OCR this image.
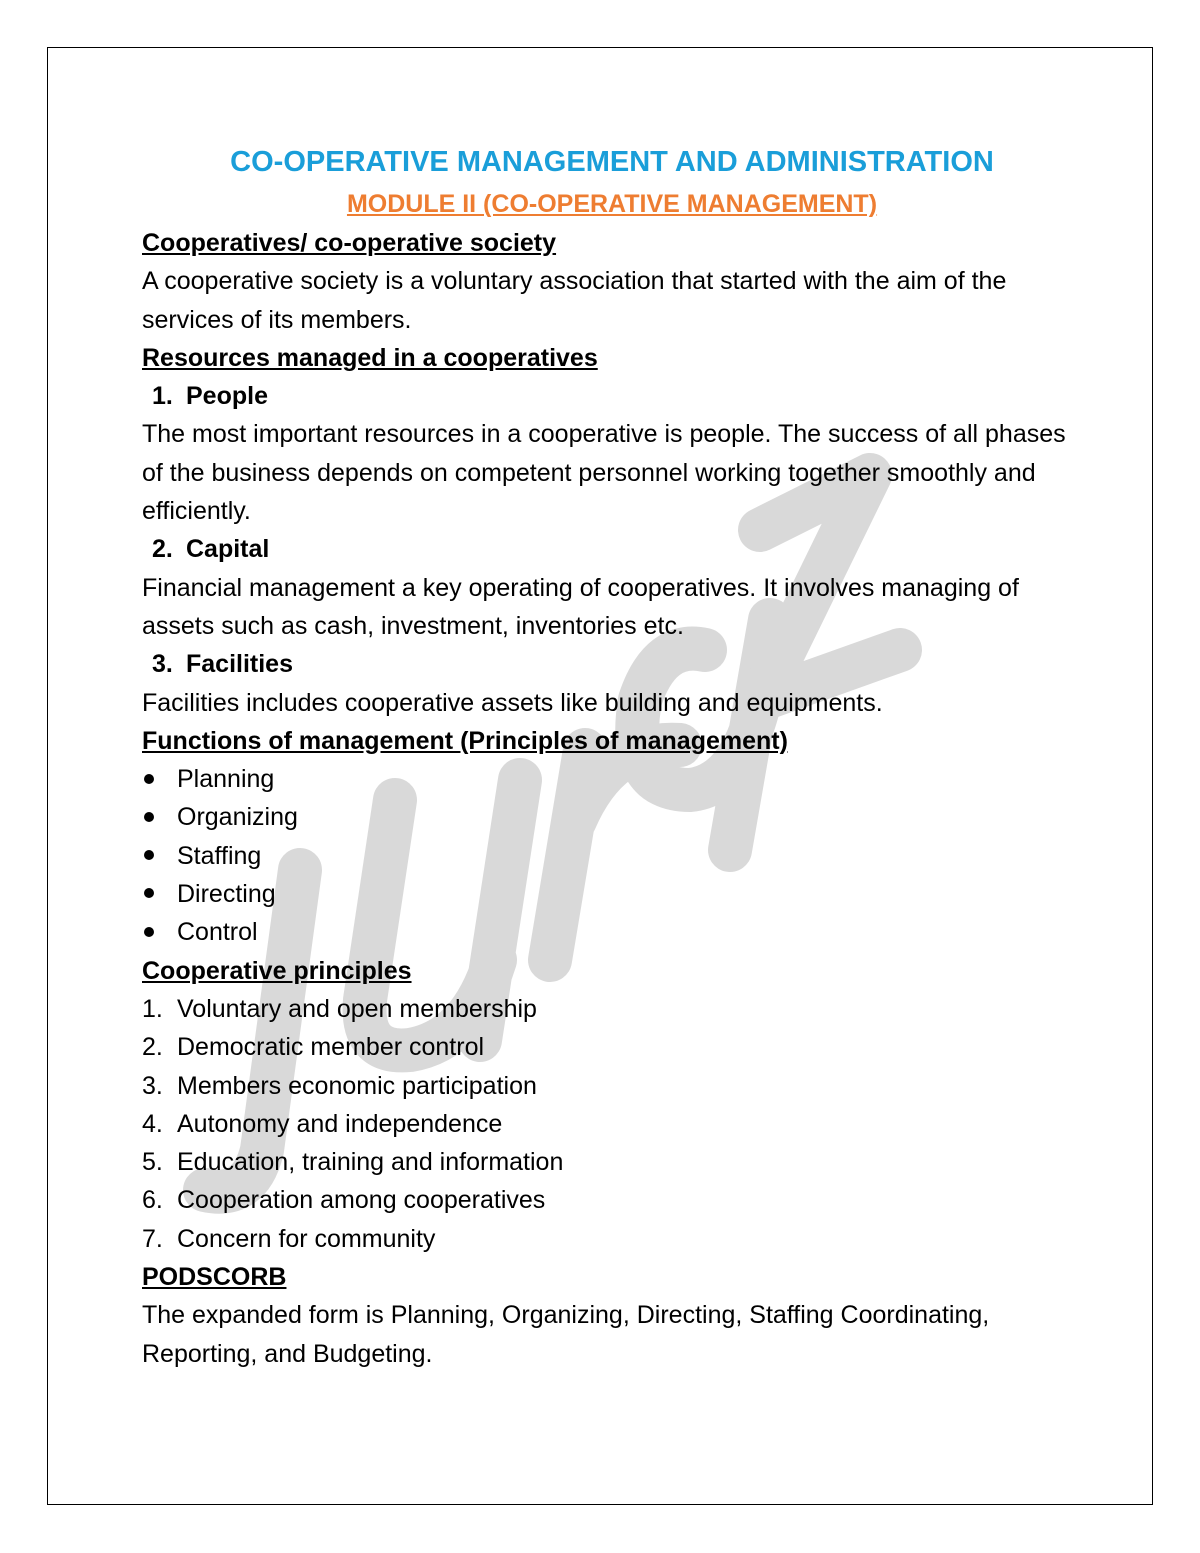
CO-OPERATIVE MANAGEMENT AND ADMINISTRATION
MODULE II (CO-OPERATIVE MANAGEMENT)

Cooperatives/ co-operative society

A cooperative society is a voluntary association that started with the aim of the services of its members.

Resources managed in a cooperatives

1. People

The most important resources in a cooperative is people. The success of all phases of the business depends on competent personnel working together smoothly and efficiently.

2. Capital

Financial management a key operating of cooperatives. It involves managing of assets such as cash, investment, inventories etc.

3. Facilities

Facilities includes cooperative assets like building and equipments.

Functions of management (Principles of management)

Planning
Organizing
Staffing
Directing
Control

Cooperative principles

1. Voluntary and open membership
2. Democratic member control
3. Members economic participation
4. Autonomy and independence
5. Education, training and information
6. Cooperation among cooperatives
7. Concern for community

PODSCORB

The expanded form is Planning, Organizing, Directing, Staffing Coordinating, Reporting, and Budgeting.
